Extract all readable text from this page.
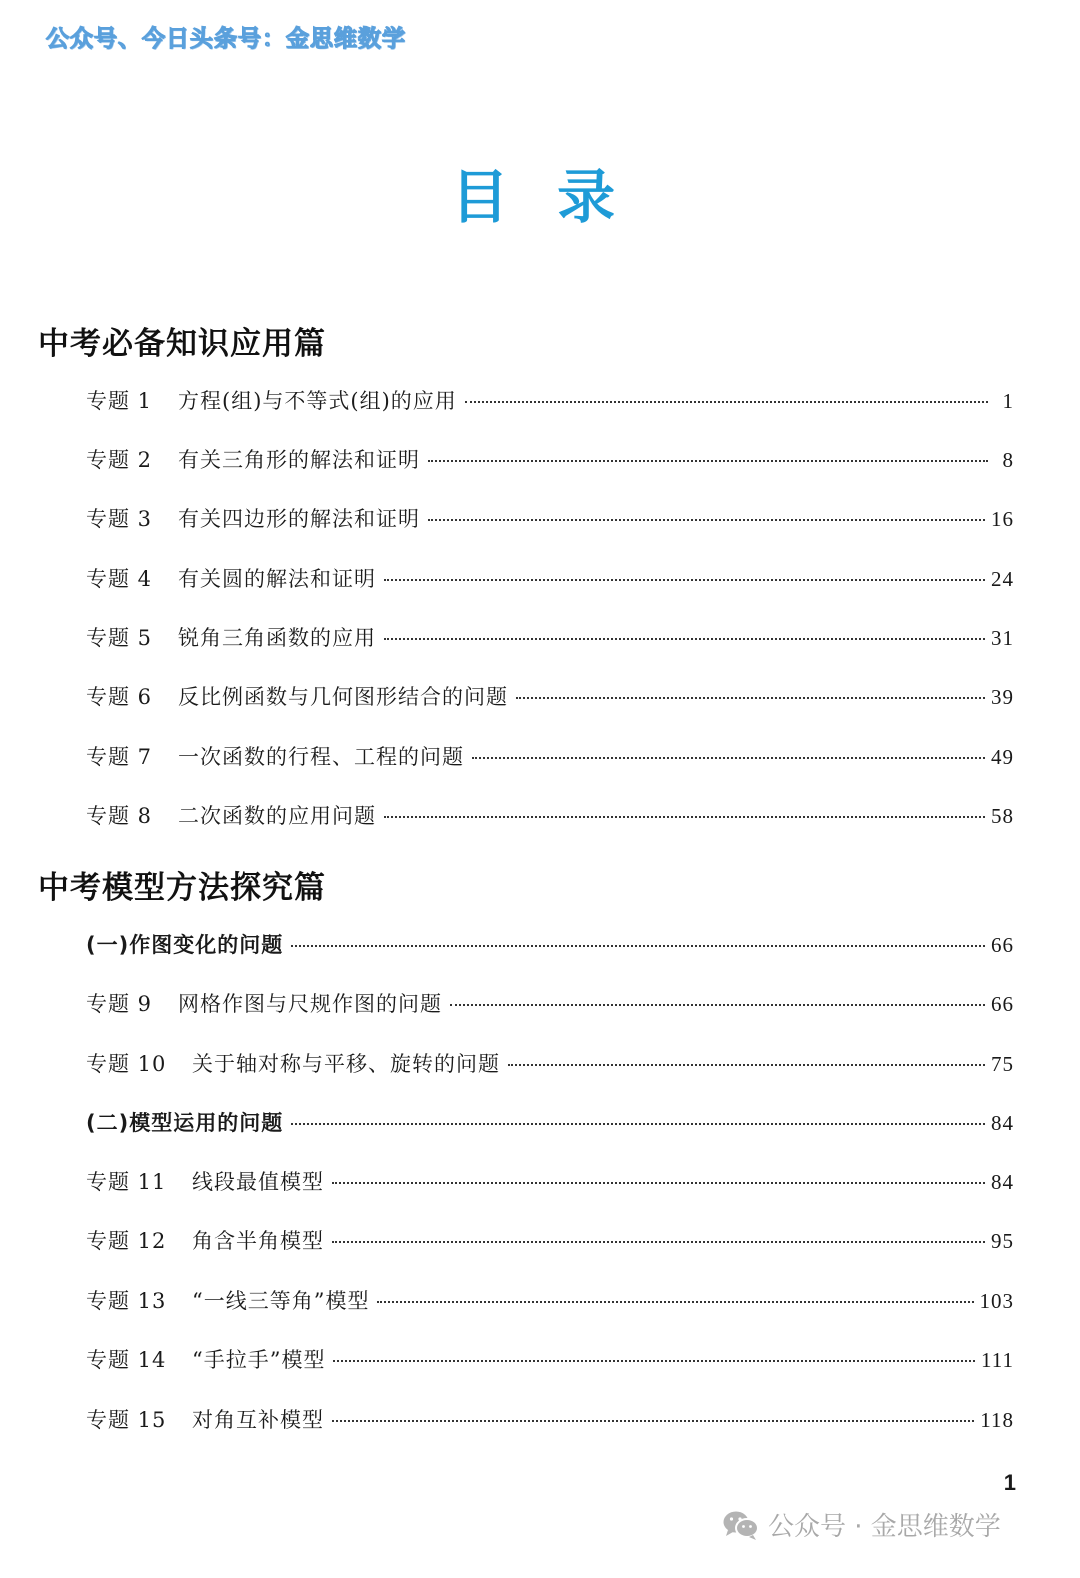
公众号、今日头条号：金思维数学
目 录
中考必备知识应用篇
专题 1 方程(组)与不等式(组)的应用	1
专题 2 有关三角形的解法和证明	8
专题 3 有关四边形的解法和证明	16
专题 4 有关圆的解法和证明	24
专题 5 锐角三角函数的应用	31
专题 6 反比例函数与几何图形结合的问题	39
专题 7 一次函数的行程、工程的问题	49
专题 8 二次函数的应用问题	58
中考模型方法探究篇
(一)作图变化的问题	66
专题 9 网格作图与尺规作图的问题	66
专题 10 关于轴对称与平移、旋转的问题	75
(二)模型运用的问题	84
专题 11 线段最值模型	84
专题 12 角含半角模型	95
专题 13 “一线三等角”模型	103
专题 14 “手拉手”模型	111
专题 15 对角互补模型	118
1
公众号 · 金思维数学
